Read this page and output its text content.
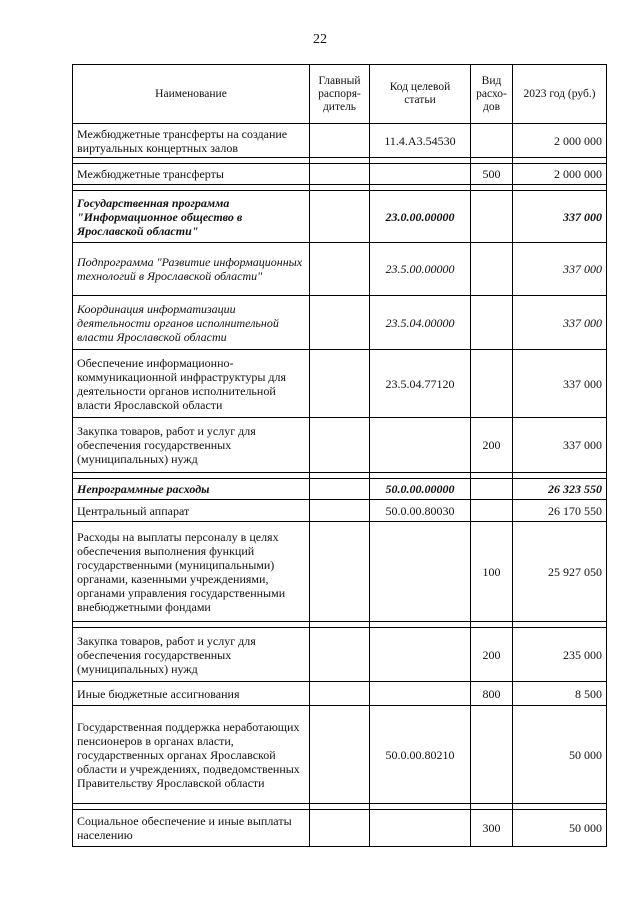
22
Наименование	Главный распоря-дитель	Код целевой статьи	Вид расхо-дов	2023 год (руб.)
Межбюджетные трансферты на создание виртуальных концертных залов		11.4.А3.54530		2 000 000

Межбюджетные трансферты			500	2 000 000

Государственная программа "Информационное общество в Ярославской области"		23.0.00.00000		337 000
Подпрограмма "Развитие информационных технологий в Ярославской области"		23.5.00.00000		337 000
Координация информатизации деятельности органов исполнительной власти Ярославской области		23.5.04.00000		337 000
Обеспечение информационно-коммуникационной инфраструктуры для деятельности органов исполнительной власти Ярославской области		23.5.04.77120		337 000
Закупка товаров, работ и услуг для обеспечения государственных (муниципальных) нужд			200	337 000

Непрограммные расходы		50.0.00.00000		26 323 550
Центральный аппарат		50.0.00.80030		26 170 550
Расходы на выплаты персоналу в целях обеспечения выполнения функций государственными (муниципальными) органами, казенными учреждениями, органами управления государственными внебюджетными фондами			100	25 927 050

Закупка товаров, работ и услуг для обеспечения государственных (муниципальных) нужд			200	235 000
Иные бюджетные ассигнования			800	8 500
Государственная поддержка неработающих пенсионеров в органах власти, государственных органах Ярославской области и учреждениях, подведомственных Правительству Ярославской области		50.0.00.80210		50 000

Социальное обеспечение и иные выплаты населению			300	50 000
